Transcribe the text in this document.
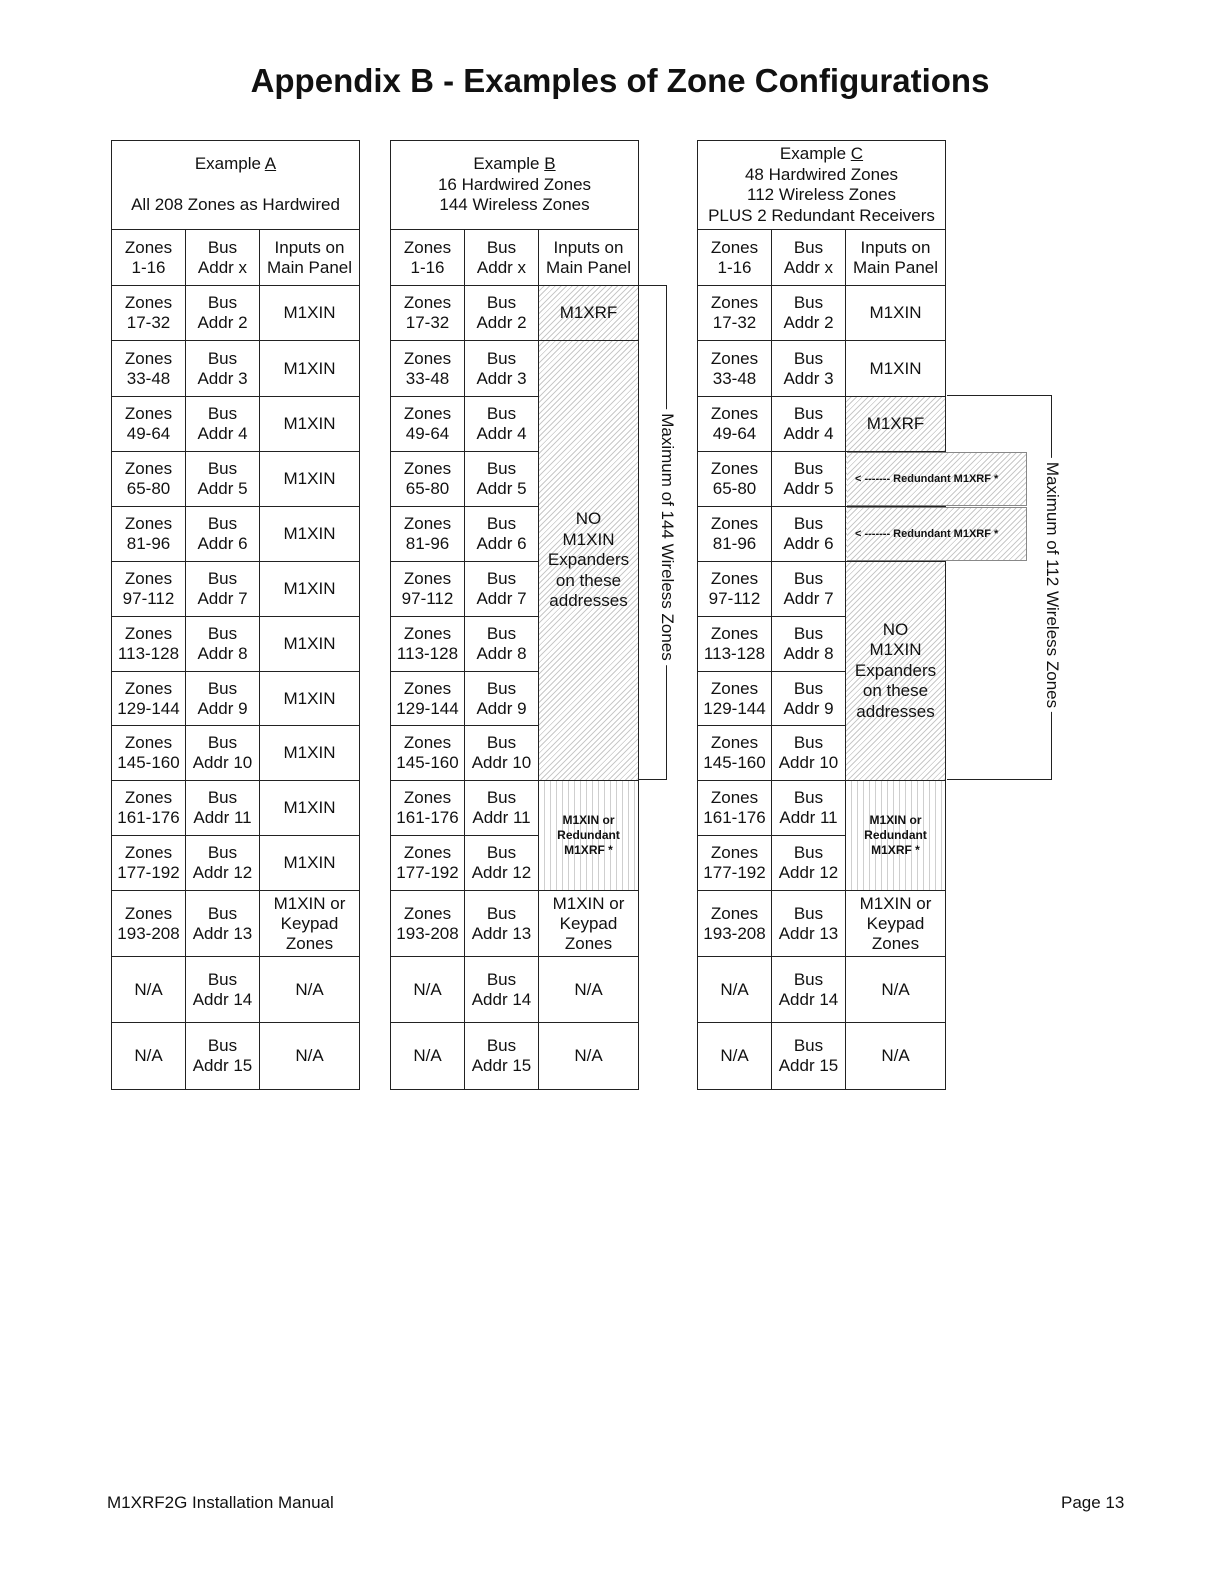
Appendix B - Examples of Zone Configurations
Example A

All 208 Zones as Hardwired
Zones
1-16
Bus
Addr x
Zones
17-32
Bus
Addr 2
Zones
33-48
Bus
Addr 3
Zones
49-64
Bus
Addr 4
Zones
65-80
Bus
Addr 5
Zones
81-96
Bus
Addr 6
Zones
97-112
Bus
Addr 7
Zones
113-128
Bus
Addr 8
Zones
129-144
Bus
Addr 9
Zones
145-160
Bus
Addr 10
Zones
161-176
Bus
Addr 11
Zones
177-192
Bus
Addr 12
Zones
193-208
Bus
Addr 13
N/A
Bus
Addr 14
N/A
Bus
Addr 15
Inputs on
Main Panel
M1XIN
M1XIN
M1XIN
M1XIN
M1XIN
M1XIN
M1XIN
M1XIN
M1XIN
M1XIN
M1XIN
M1XIN or
Keypad
Zones
N/A
N/A
Example B
16 Hardwired Zones
144 Wireless Zones
Zones
1-16
Bus
Addr x
Zones
17-32
Bus
Addr 2
Zones
33-48
Bus
Addr 3
Zones
49-64
Bus
Addr 4
Zones
65-80
Bus
Addr 5
Zones
81-96
Bus
Addr 6
Zones
97-112
Bus
Addr 7
Zones
113-128
Bus
Addr 8
Zones
129-144
Bus
Addr 9
Zones
145-160
Bus
Addr 10
Zones
161-176
Bus
Addr 11
Zones
177-192
Bus
Addr 12
Zones
193-208
Bus
Addr 13
N/A
Bus
Addr 14
N/A
Bus
Addr 15
Inputs on
Main Panel
M1XRF
NO
M1XIN
Expanders
on these
addresses
M1XIN or
Redundant
M1XRF *
M1XIN or
Keypad
Zones
N/A
N/A
Example C
48 Hardwired Zones
112 Wireless Zones
PLUS 2 Redundant Receivers
Zones
1-16
Bus
Addr x
Zones
17-32
Bus
Addr 2
Zones
33-48
Bus
Addr 3
Zones
49-64
Bus
Addr 4
Zones
65-80
Bus
Addr 5
Zones
81-96
Bus
Addr 6
Zones
97-112
Bus
Addr 7
Zones
113-128
Bus
Addr 8
Zones
129-144
Bus
Addr 9
Zones
145-160
Bus
Addr 10
Zones
161-176
Bus
Addr 11
Zones
177-192
Bus
Addr 12
Zones
193-208
Bus
Addr 13
N/A
Bus
Addr 14
N/A
Bus
Addr 15
Inputs on
Main Panel
M1XIN
M1XIN
M1XRF
NO
M1XIN
Expanders
on these
addresses
M1XIN or
Redundant
M1XRF *
M1XIN or
Keypad
Zones
N/A
N/A
< ------- Redundant M1XRF *
< ------- Redundant M1XRF *
Maximum of 144 Wireless Zones	Maximum of 112 Wireless Zones
M1XRF2G Installation Manual	Page 13
